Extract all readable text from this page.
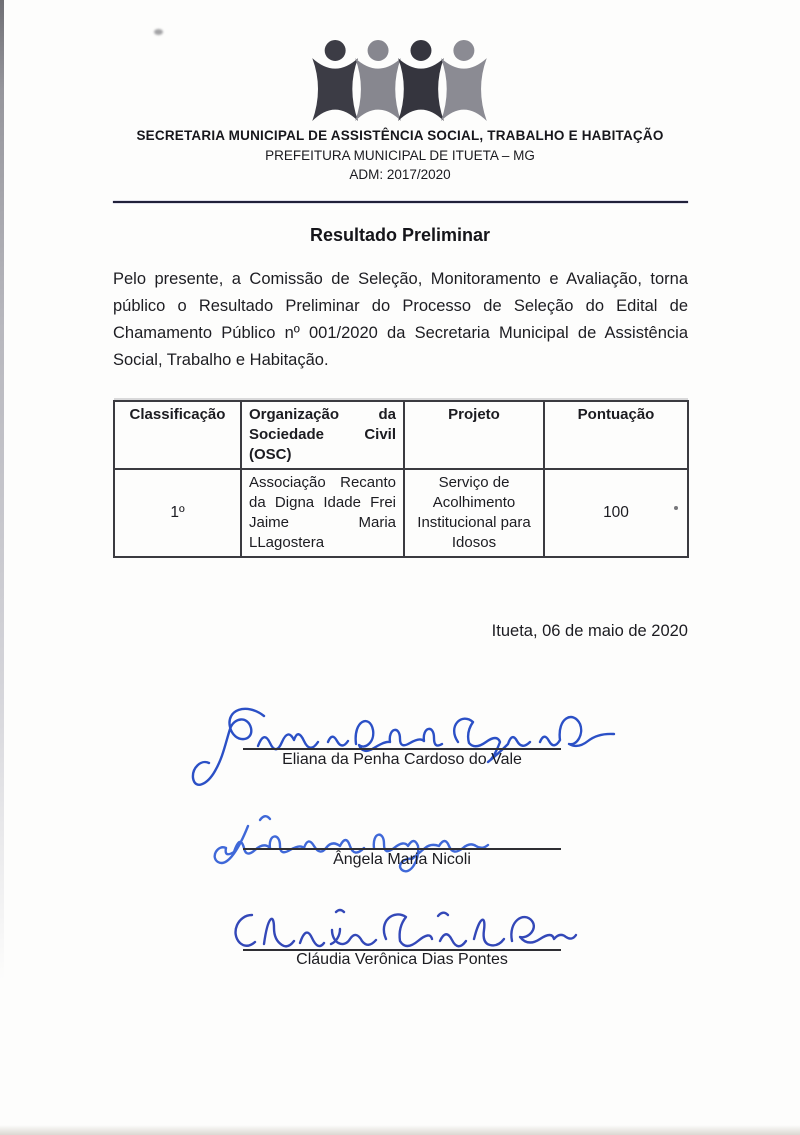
SECRETARIA MUNICIPAL DE ASSISTÊNCIA SOCIAL, TRABALHO E HABITAÇÃO
PREFEITURA MUNICIPAL DE ITUETA – MG
ADM: 2017/2020
Resultado Preliminar
Pelo presente, a Comissão de Seleção, Monitoramento e Avaliação, torna público o Resultado Preliminar do Processo de Seleção do Edital de Chamamento Público nº 001/2020 da Secretaria Municipal de Assistência Social, Trabalho e Habitação.
Classificação	Organização da Sociedade Civil (OSC)	Projeto	Pontuação
1º	Associação Recanto da Digna Idade Frei Jaime Maria LLagostera	Serviço de Acolhimento Institucional para Idosos	100
Itueta, 06 de maio de 2020
Eliana da Penha Cardoso do Vale
Ângela Maria Nicoli
Cláudia Verônica Dias Pontes
